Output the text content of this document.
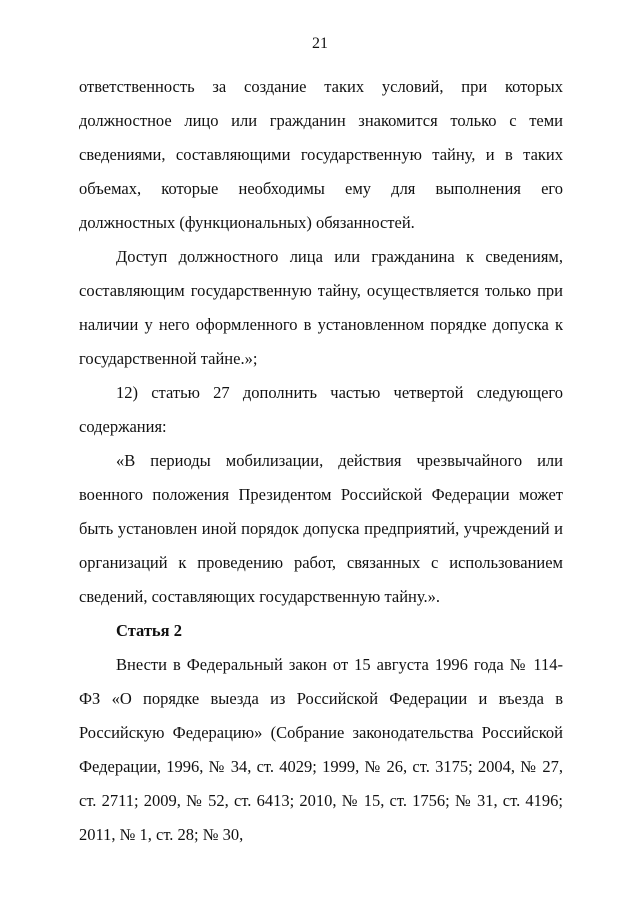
21

ответственность за создание таких условий, при которых должностное лицо или гражданин знакомится только с теми сведениями, составляющими государственную тайну, и в таких объемах, которые необходимы ему для выполнения его должностных (функциональных) обязанностей.

Доступ должностного лица или гражданина к сведениям, составляющим государственную тайну, осуществляется только при наличии у него оформленного в установленном порядке допуска к государственной тайне.»;

12) статью 27 дополнить частью четвертой следующего содержания:

«В периоды мобилизации, действия чрезвычайного или военного положения Президентом Российской Федерации может быть установлен иной порядок допуска предприятий, учреждений и организаций к проведению работ, связанных с использованием сведений, составляющих государственную тайну.».

Статья 2

Внести в Федеральный закон от 15 августа 1996 года № 114-ФЗ «О порядке выезда из Российской Федерации и въезда в Российскую Федерацию» (Собрание законодательства Российской Федерации, 1996, № 34, ст. 4029; 1999, № 26, ст. 3175; 2004, № 27, ст. 2711; 2009, № 52, ст. 6413; 2010, № 15, ст. 1756; № 31, ст. 4196; 2011, № 1, ст. 28; № 30,
